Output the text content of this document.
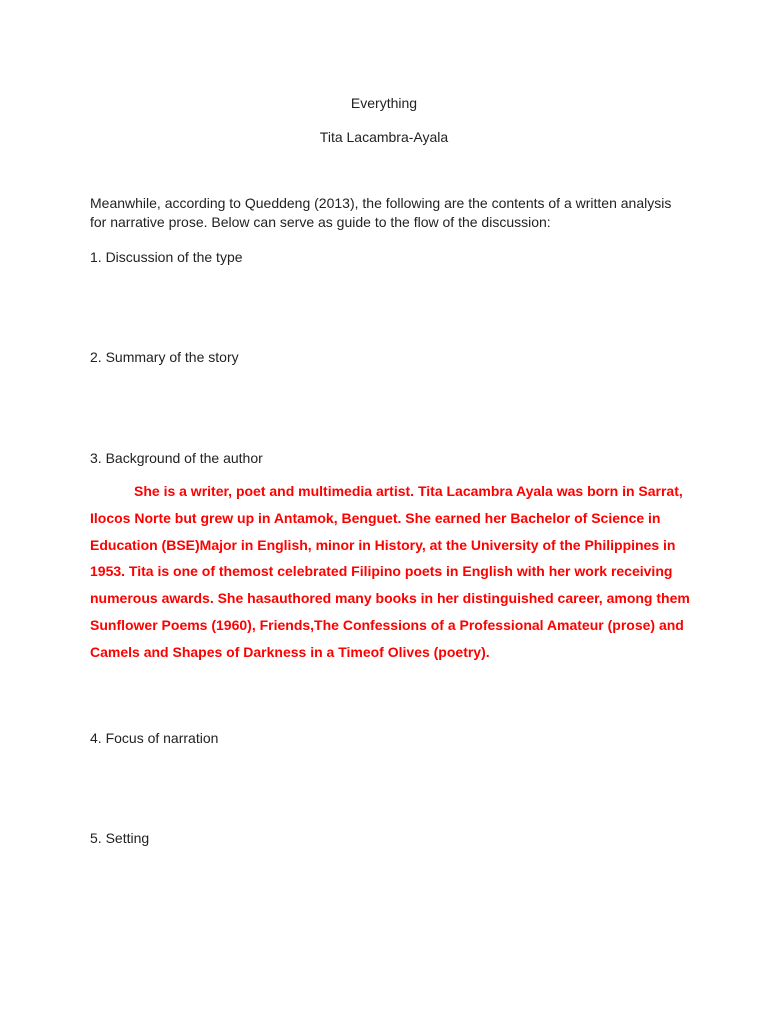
Everything
Tita Lacambra-Ayala

Meanwhile, according to Queddeng (2013), the following are the contents of a written analysis for narrative prose. Below can serve as guide to the flow of the discussion:

1. Discussion of the type

2. Summary of the story

3. Background of the author

She is a writer, poet and multimedia artist. Tita Lacambra Ayala was born in Sarrat, Ilocos Norte but grew up in Antamok, Benguet. She earned her Bachelor of Science in Education (BSE)Major in English, minor in History, at the University of the Philippines in 1953. Tita is one of themost celebrated Filipino poets in English with her work receiving numerous awards. She hasauthored many books in her distinguished career, among them Sunflower Poems (1960), Friends,The Confessions of a Professional Amateur (prose) and Camels and Shapes of Darkness in a Timeof Olives (poetry).

4. Focus of narration

5. Setting
